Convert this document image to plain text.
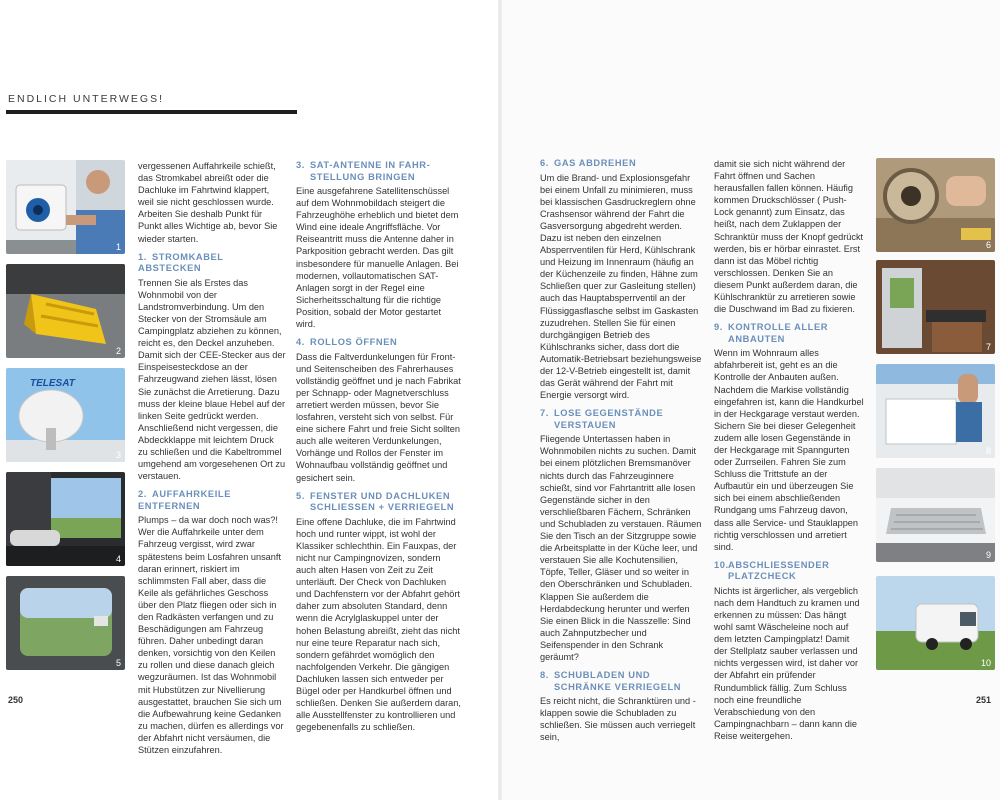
ENDLICH UNTERWEGS!
1
2
TELESAT
3
4
5

vergessenen Auffahrkeile schießt, das Stromkabel abreißt oder die Dachluke im Fahrtwind klappert, weil sie nicht geschlossen wurde. Arbeiten Sie deshalb Punkt für Punkt alles Wichtige ab, bevor Sie wieder starten.

1. STROMKABEL ABSTECKEN

Trennen Sie als Erstes das Wohnmobil von der Landstromverbindung. Um den Stecker von der Stromsäule am Campingplatz abziehen zu können, reicht es, den Deckel anzuheben. Damit sich der CEE-Stecker aus der Einspeisesteckdose an der Fahrzeugwand ziehen lässt, lösen Sie zunächst die Arretierung. Dazu muss der kleine blaue Hebel auf der linken Seite gedrückt werden. Anschließend nicht vergessen, die Abdeckklappe mit leichtem Druck zu schließen und die Kabeltrommel umgehend am vorgesehenen Ort zu verstauen.

2. AUFFAHRKEILE ENTFERNEN

Plumps – da war doch noch was?! Wer die Auffahrkeile unter dem Fahrzeug vergisst, wird zwar spätestens beim Losfahren unsanft daran erinnert, riskiert im schlimmsten Fall aber, dass die Keile als gefährliches Geschoss über den Platz fliegen oder sich in den Radkästen verfangen und zu Beschädigungen am Fahrzeug führen. Daher unbedingt daran denken, vorsichtig von den Keilen zu rollen und diese danach gleich wegzuräumen. Ist das Wohnmobil mit Hubstützen zur Nivellierung ausgestattet, brauchen Sie sich um die Aufbewahrung keine Gedanken zu machen, dürfen es allerdings vor der Abfahrt nicht versäumen, die Stützen einzufahren.

3. SAT-ANTENNE IN FAHR-
STELLUNG BRINGEN

Eine ausgefahrene Satellitenschüssel auf dem Wohnmobildach steigert die Fahrzeughöhe erheblich und bietet dem Wind eine ideale Angriffsfläche. Vor Reiseantritt muss die Antenne daher in Parkposition gebracht werden. Das gilt insbesondere für manuelle Anlagen. Bei modernen, vollautomatischen SAT-Anlagen sorgt in der Regel eine Sicherheitsschaltung für die richtige Position, sobald der Motor gestartet wird.

4. ROLLOS ÖFFNEN

Dass die Faltverdunkelungen für Front- und Seitenscheiben des Fahrerhauses vollständig geöffnet und je nach Fabrikat per Schnapp- oder Magnetverschluss arretiert werden müssen, bevor Sie losfahren, versteht sich von selbst. Für eine sichere Fahrt und freie Sicht sollten auch alle weiteren Verdunkelungen, Vorhänge und Rollos der Fenster im Wohnaufbau vollständig geöffnet und gesichert sein.

5. FENSTER UND DACHLUKEN
SCHLIESSEN + VERRIEGELN

Eine offene Dachluke, die im Fahrtwind hoch und runter wippt, ist wohl der Klassiker schlechthin. Ein Fauxpas, der nicht nur Campingnovizen, sondern auch alten Hasen von Zeit zu Zeit unterläuft. Der Check von Dachluken und Dachfenstern vor der Abfahrt gehört daher zum absoluten Standard, denn wenn die Acrylglaskuppel unter der hohen Belastung abreißt, zieht das nicht nur eine teure Reparatur nach sich, sondern gefährdet womöglich den nachfolgenden Verkehr. Die gängigen Dachluken lassen sich entweder per Bügel oder per Handkurbel öffnen und schließen. Denken Sie außerdem daran, alle Ausstellfenster zu kontrollieren und gegebenenfalls zu schließen.

6. GAS ABDREHEN

Um die Brand- und Explosionsgefahr bei einem Unfall zu minimieren, muss bei klassischen Gasdruckreglern ohne Crashsensor während der Fahrt die Gasversorgung abgedreht werden. Dazu ist neben den einzelnen Absperrventilen für Herd, Kühlschrank und Heizung im Innenraum (häufig an der Küchenzeile zu finden, Hähne zum Schließen quer zur Gasleitung stellen) auch das Hauptabsperrventil an der Flüssiggasflasche selbst im Gaskasten zuzudrehen. Stellen Sie für einen durchgängigen Betrieb des Kühlschranks sicher, dass dort die Automatik-Betriebsart beziehungsweise der 12-V-Betrieb eingestellt ist, damit das Gerät während der Fahrt mit Energie versorgt wird.

7. LOSE GEGENSTÄNDE
VERSTAUEN

Fliegende Untertassen haben in Wohnmobilen nichts zu suchen. Damit bei einem plötzlichen Bremsmanöver nichts durch das Fahrzeuginnere schießt, sind vor Fahrtantritt alle losen Gegenstände sicher in den verschließbaren Fächern, Schränken und Schubladen zu verstauen. Räumen Sie den Tisch an der Sitzgruppe sowie die Arbeitsplatte in der Küche leer, und verstauen Sie alle Kochutensilien, Töpfe, Teller, Gläser und so weiter in den Oberschränken und Schubladen. Klappen Sie außerdem die Herdabdeckung herunter und werfen Sie einen Blick in die Nasszelle: Sind auch Zahnputzbecher und Seifenspender in den Schrank geräumt?

8. SCHUBLADEN UND
SCHRÄNKE VERRIEGELN

Es reicht nicht, die Schranktüren und -klappen sowie die Schubladen zu schließen. Sie müssen auch verriegelt sein,

damit sie sich nicht während der Fahrt öffnen und Sachen herausfallen fallen können. Häufig kommen Druckschlösser ( Push-Lock genannt) zum Einsatz, das heißt, nach dem Zuklappen der Schranktür muss der Knopf gedrückt werden, bis er hörbar einrastet. Erst dann ist das Möbel richtig verschlossen. Denken Sie an diesem Punkt außerdem daran, die Kühlschranktür zu arretieren sowie die Duschwand im Bad zu fixieren.

9. KONTROLLE ALLER
ANBAUTEN

Wenn im Wohnraum alles abfahrbereit ist, geht es an die Kontrolle der Anbauten außen. Nachdem die Markise vollständig eingefahren ist, kann die Handkurbel in der Heckgarage verstaut werden. Sichern Sie bei dieser Gelegenheit zudem alle losen Gegenstände in der Heckgarage mit Spanngurten oder Zurrseilen. Fahren Sie zum Schluss die Trittstufe an der Aufbautür ein und überzeugen Sie sich bei einem abschließenden Rundgang ums Fahrzeug davon, dass alle Service- und Stauklappen richtig verschlossen und arretiert sind.

10.ABSCHLIESSENDER
PLATZCHECK

Nichts ist ärgerlicher, als vergeblich nach dem Handtuch zu kramen und erkennen zu müssen: Das hängt wohl samt Wäscheleine noch auf dem letzten Campingplatz! Damit der Stellplatz sauber verlassen und nichts vergessen wird, ist daher vor der Abfahrt ein prüfender Rundumblick fällig. Zum Schluss noch eine freundliche Verabschiedung von den Campingnachbarn – dann kann die Reise weitergehen.

6
7
8
9
10
250	251
